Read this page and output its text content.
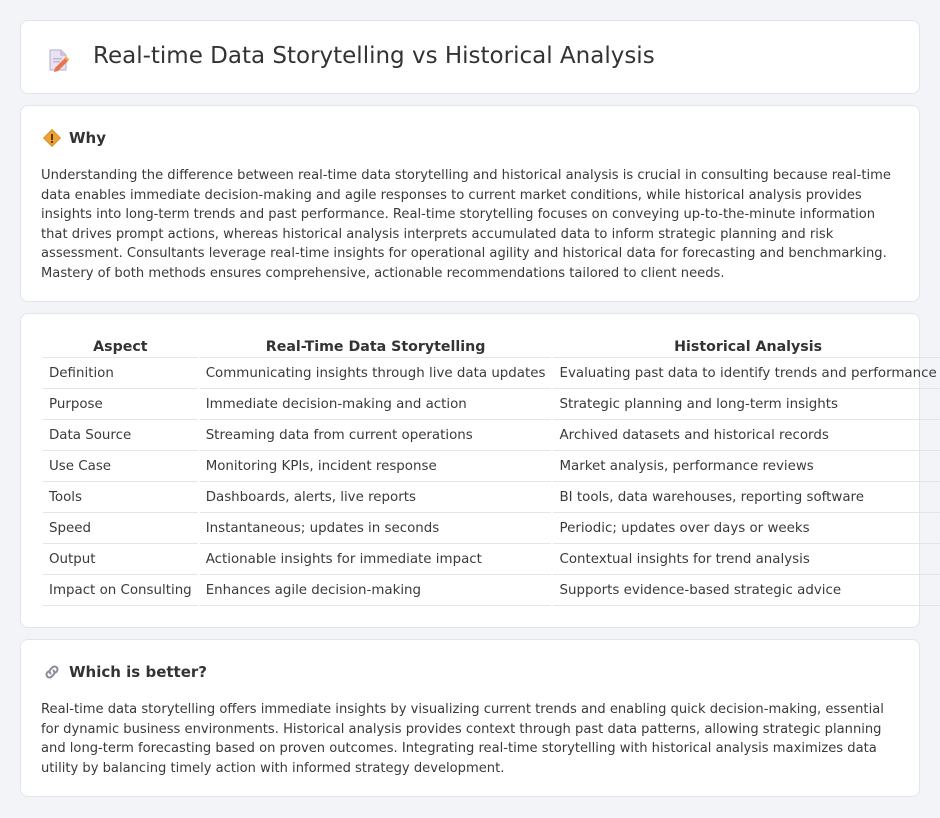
Real-time Data Storytelling vs Historical Analysis
Why

Understanding the difference between real-time data storytelling and historical analysis is crucial in consulting because real-time data enables immediate decision-making and agile responses to current market conditions, while historical analysis provides insights into long-term trends and past performance. Real-time storytelling focuses on conveying up-to-the-minute information that drives prompt actions, whereas historical analysis interprets accumulated data to inform strategic planning and risk assessment. Consultants leverage real-time insights for operational agility and historical data for forecasting and benchmarking. Mastery of both methods ensures comprehensive, actionable recommendations tailored to client needs.

Aspect	Real-Time Data Storytelling	Historical Analysis
Definition	Communicating insights through live data updates	Evaluating past data to identify trends and performance
Purpose	Immediate decision-making and action	Strategic planning and long-term insights
Data Source	Streaming data from current operations	Archived datasets and historical records
Use Case	Monitoring KPIs, incident response	Market analysis, performance reviews
Tools	Dashboards, alerts, live reports	BI tools, data warehouses, reporting software
Speed	Instantaneous; updates in seconds	Periodic; updates over days or weeks
Output	Actionable insights for immediate impact	Contextual insights for trend analysis
Impact on Consulting	Enhances agile decision-making	Supports evidence-based strategic advice
Which is better?

Real-time data storytelling offers immediate insights by visualizing current trends and enabling quick decision-making, essential for dynamic business environments. Historical analysis provides context through past data patterns, allowing strategic planning and long-term forecasting based on proven outcomes. Integrating real-time storytelling with historical analysis maximizes data utility by balancing timely action with informed strategy development.
